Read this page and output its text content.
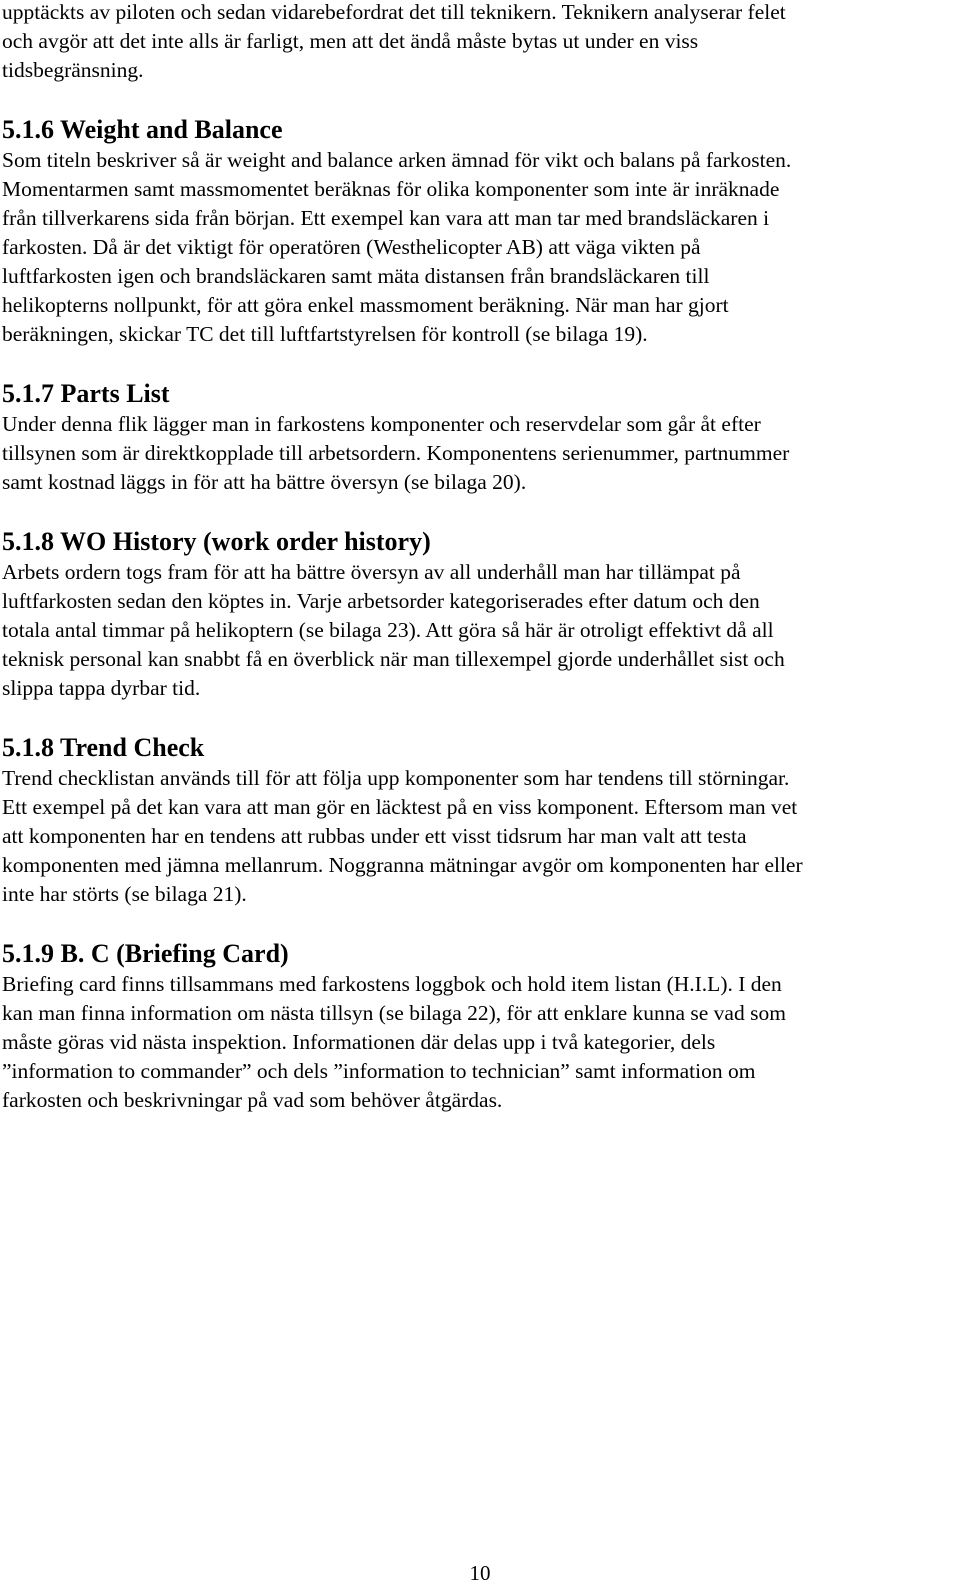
upptäckts av piloten och sedan vidarebefordrat det till teknikern. Teknikern analyserar felet
och avgör att det inte alls är farligt, men att det ändå måste bytas ut under en viss
tidsbegränsning.

5.1.6 Weight and Balance

Som titeln beskriver så är weight and balance arken ämnad för vikt och balans på farkosten.
Momentarmen samt massmomentet beräknas för olika komponenter som inte är inräknade
från tillverkarens sida från början. Ett exempel kan vara att man tar med brandsläckaren i
farkosten. Då är det viktigt för operatören (Westhelicopter AB) att väga vikten på
luftfarkosten igen och brandsläckaren samt mäta distansen från brandsläckaren till
helikopterns nollpunkt, för att göra enkel massmoment beräkning. När man har gjort
beräkningen, skickar TC det till luftfartstyrelsen för kontroll (se bilaga 19).

5.1.7 Parts List

Under denna flik lägger man in farkostens komponenter och reservdelar som går åt efter
tillsynen som är direktkopplade till arbetsordern. Komponentens serienummer, partnummer
samt kostnad läggs in för att ha bättre översyn (se bilaga 20).

5.1.8 WO History (work order history)

Arbets ordern togs fram för att ha bättre översyn av all underhåll man har tillämpat på
luftfarkosten sedan den köptes in. Varje arbetsorder kategoriserades efter datum och den
totala antal timmar på helikoptern (se bilaga 23). Att göra så här är otroligt effektivt då all
teknisk personal kan snabbt få en överblick när man tillexempel gjorde underhållet sist och
slippa tappa dyrbar tid.

5.1.8 Trend Check

Trend checklistan används till för att följa upp komponenter som har tendens till störningar.
Ett exempel på det kan vara att man gör en läcktest på en viss komponent. Eftersom man vet
att komponenten har en tendens att rubbas under ett visst tidsrum har man valt att testa
komponenten med jämna mellanrum. Noggranna mätningar avgör om komponenten har eller
inte har störts (se bilaga 21).

5.1.9 B. C (Briefing Card)

Briefing card finns tillsammans med farkostens loggbok och hold item listan (H.I.L). I den
kan man finna information om nästa tillsyn (se bilaga 22), för att enklare kunna se vad som
måste göras vid nästa inspektion. Informationen där delas upp i två kategorier, dels
”information to commander” och dels ”information to technician” samt information om
farkosten och beskrivningar på vad som behöver åtgärdas.

10
